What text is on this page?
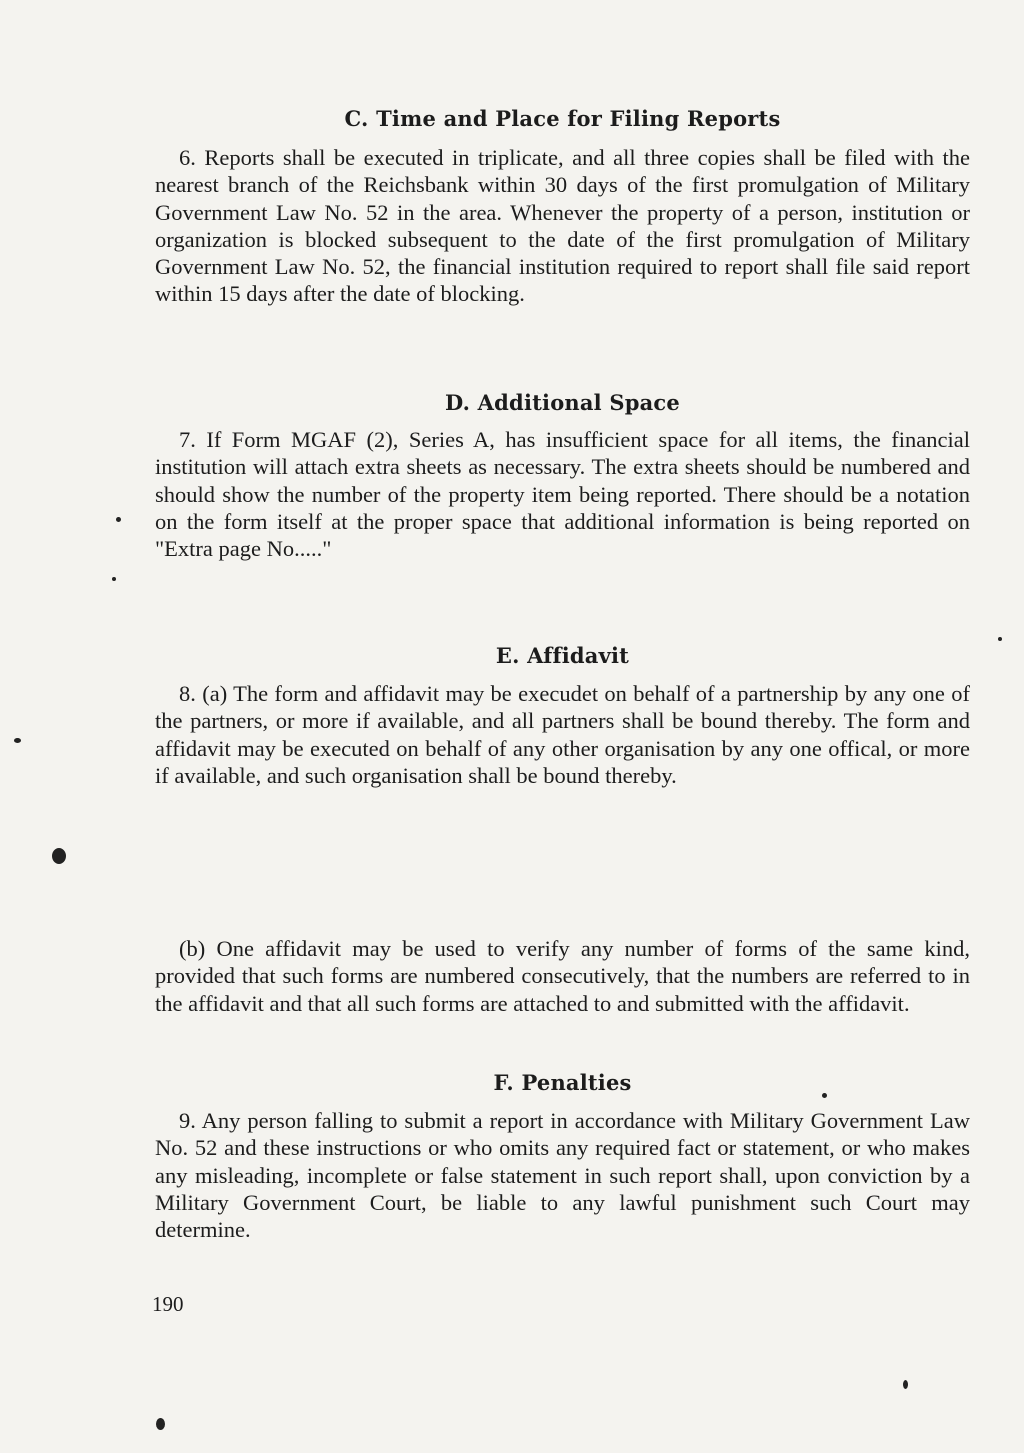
C. Time and Place for Filing Reports

6. Reports shall be executed in triplicate, and all three copies shall be filed with the nearest branch of the Reichsbank within 30 days of the first promulgation of Military Government Law No. 52 in the area. Whenever the property of a person, institution or organization is blocked subsequent to the date of the first promulgation of Military Government Law No. 52, the financial institution required to report shall file said report within 15 days after the date of blocking.

D. Additional Space

7. If Form MGAF (2), Series A, has insufficient space for all items, the financial institution will attach extra sheets as necessary. The extra sheets should be numbered and should show the number of the property item being reported. There should be a notation on the form itself at the proper space that additional information is being reported on "Extra page No....."

E. Affidavit

8. (a) The form and affidavit may be execudet on behalf of a partnership by any one of the partners, or more if available, and all partners shall be bound thereby. The form and affidavit may be executed on behalf of any other organisation by any one offical, or more if available, and such organisation shall be bound thereby.

(b) One affidavit may be used to verify any number of forms of the same kind, provided that such forms are numbered consecutively, that the numbers are referred to in the affidavit and that all such forms are attached to and submitted with the affidavit.

F. Penalties

9. Any person falling to submit a report in accordance with Military Government Law No. 52 and these instructions or who omits any required fact or statement, or who makes any misleading, incomplete or false statement in such report shall, upon conviction by a Military Government Court, be liable to any lawful punishment such Court may determine.

190
